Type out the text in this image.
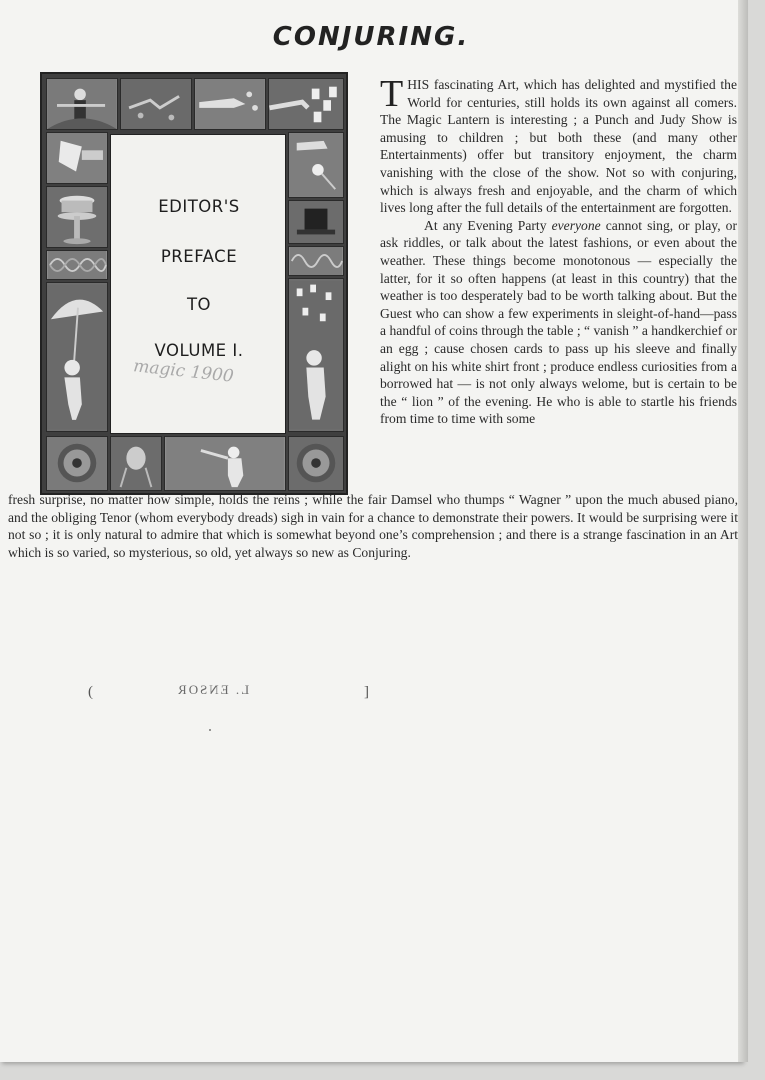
CONJURING.
EDITOR'S
PREFACE
TO
VOLUME I.
magic 1900

THIS fascinating Art, which has delighted and mystified the World for centuries, still holds its own against all comers. The Magic Lantern is interesting ; a Punch and Judy Show is amusing to children ; but both these (and many other Entertainments) offer but transitory enjoyment, the charm vanishing with the close of the show. Not so with conjuring, which is always fresh and enjoyable, and the charm of which lives long after the full details of the entertainment are forgotten.

At any Evening Party everyone cannot sing, or play, or ask riddles, or talk about the latest fashions, or even about the weather. These things become monotonous — especially the latter, for it so often happens (at least in this country) that the weather is too desperately bad to be worth talking about. But the Guest who can show a few experiments in sleight-of-hand—pass a handful of coins through the table ; “ vanish ” a handkerchief or an egg ; cause chosen cards to pass up his sleeve and finally alight on his white shirt front ; produce endless curiosities from a borrowed hat — is not only always welome, but is certain to be the “ lion ” of the evening. He who is able to startle his friends from time to time with some

fresh surprise, no matter how simple, holds the reins ; while the fair Damsel who thumps “ Wagner ” upon the much abused piano, and the obliging Tenor (whom everybody dreads) sigh in vain for a chance to demonstrate their powers. It would be surprising were it not so ; it is only natural to admire that which is somewhat beyond one’s comprehension ; and there is a strange fascination in an Art which is so varied, so mysterious, so old, yet always so new as Conjuring.
(	L. ENSOR	]
